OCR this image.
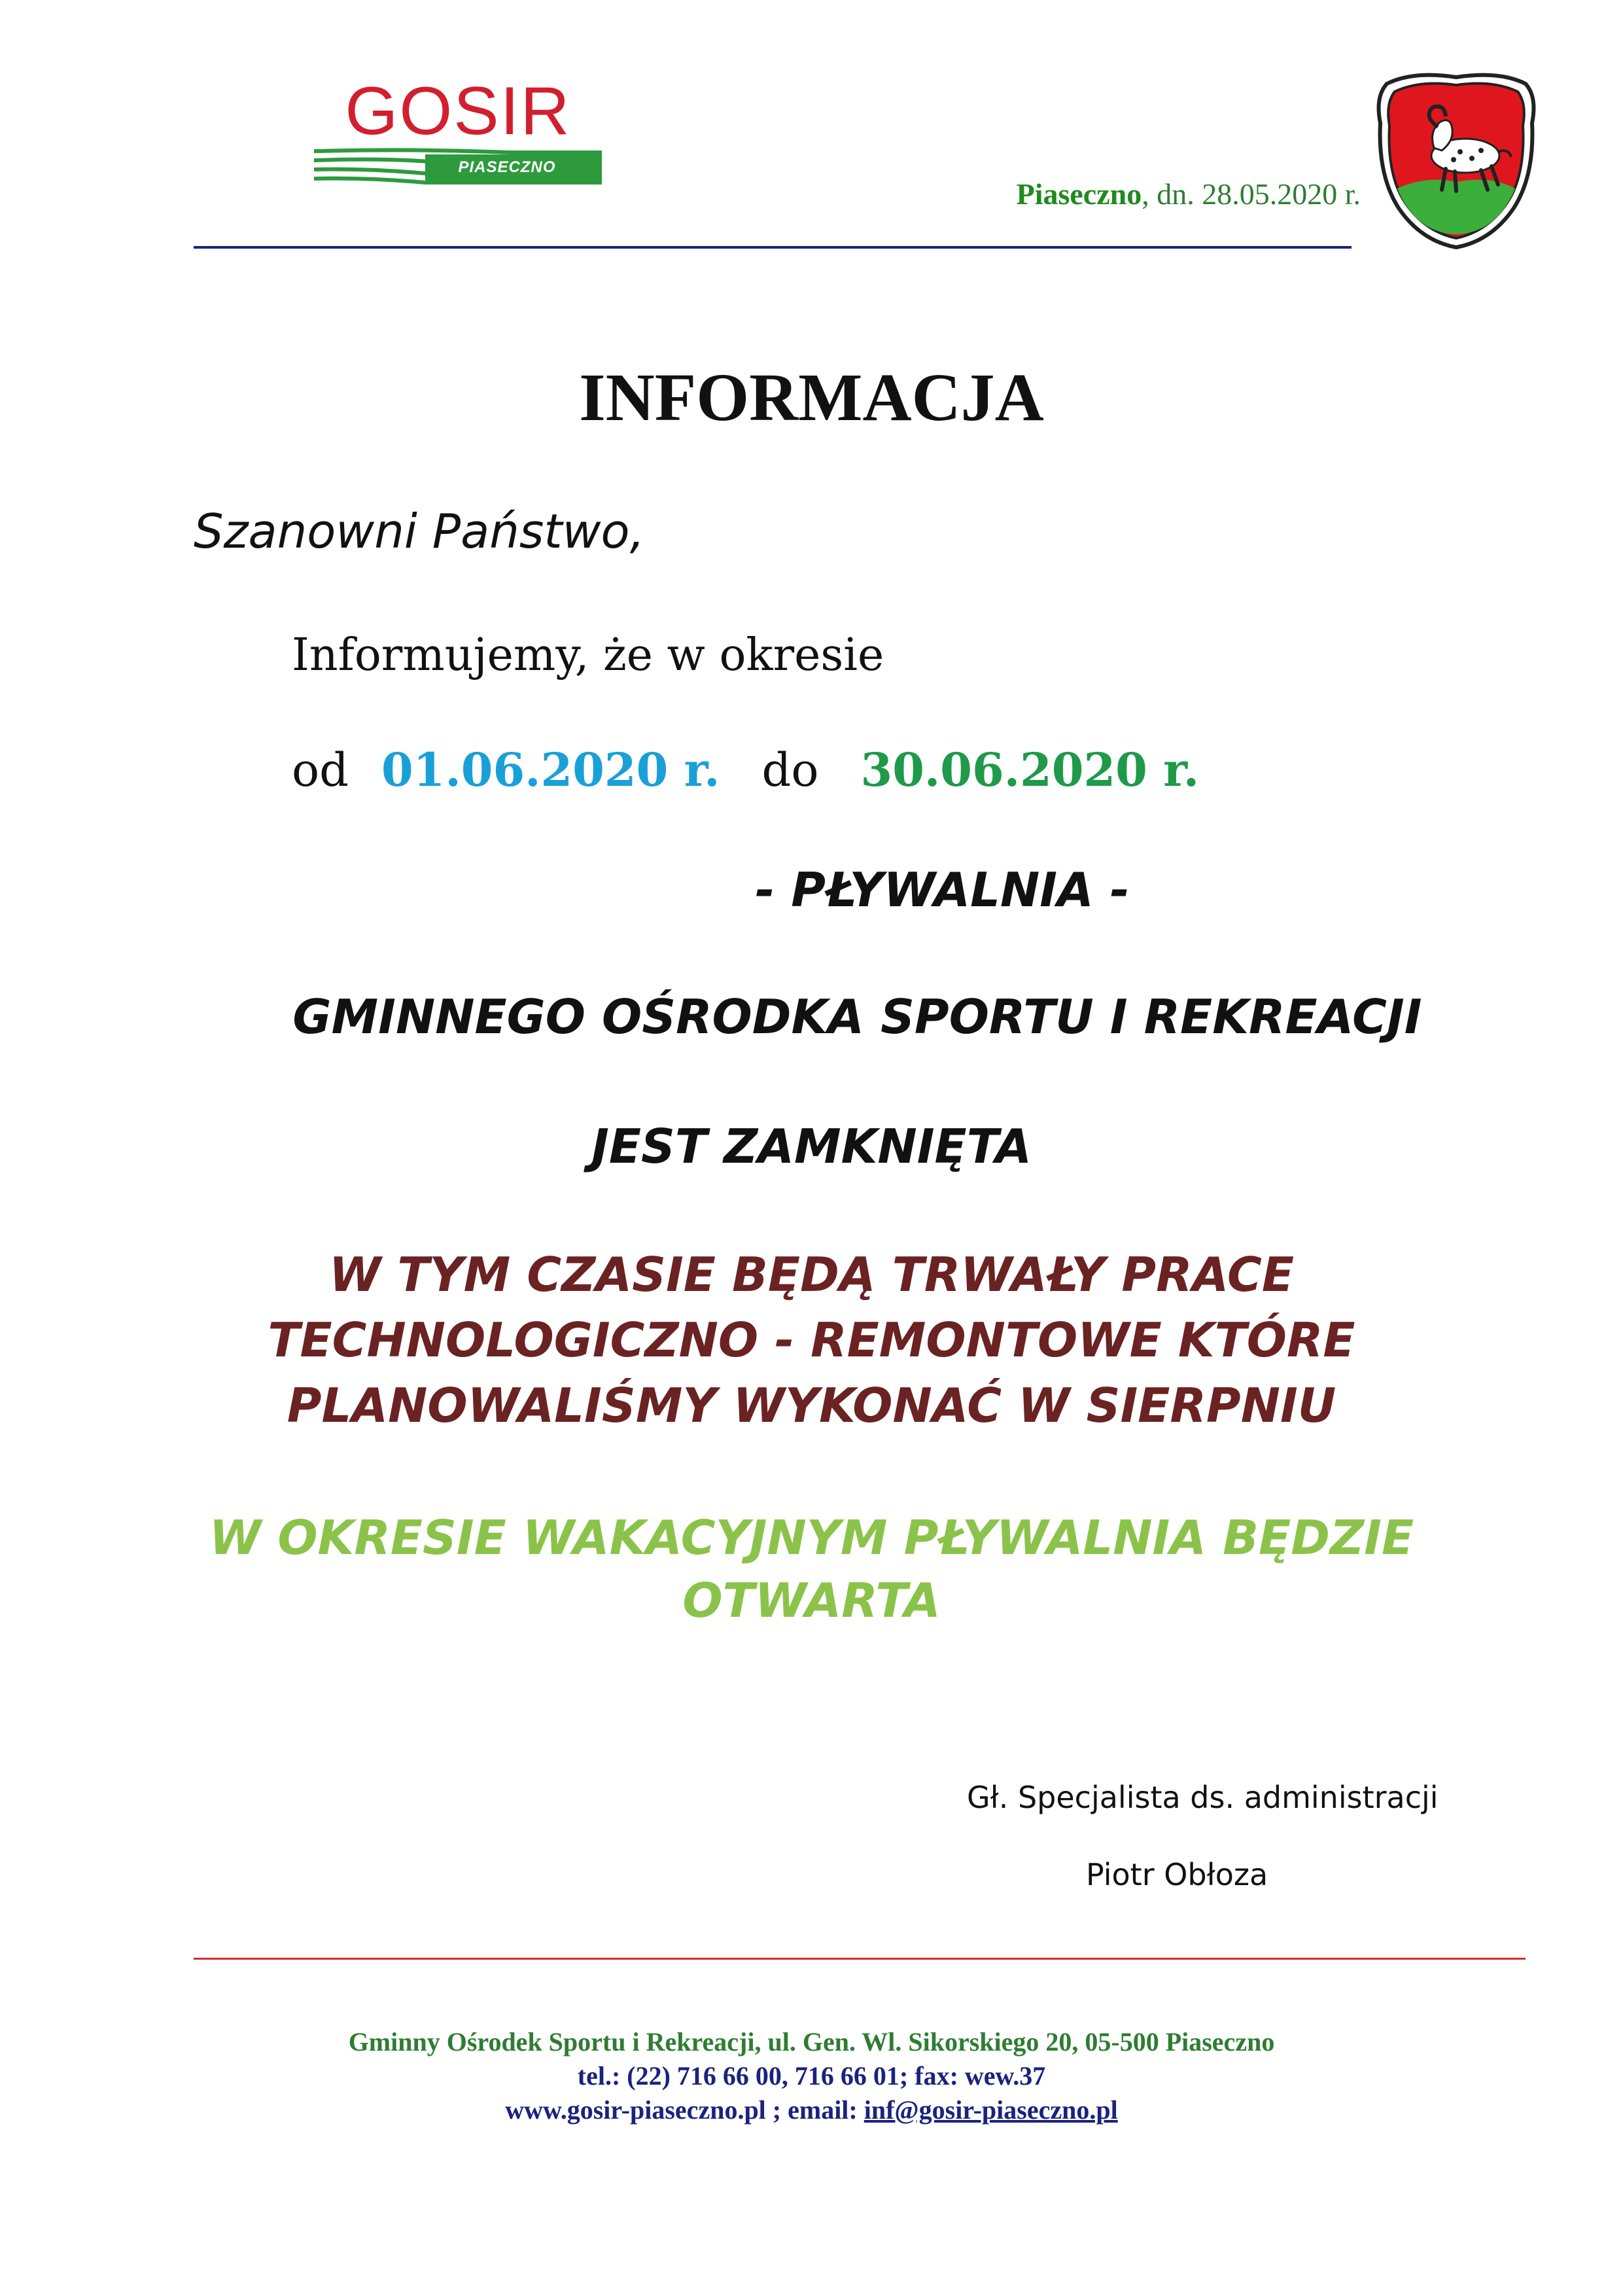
GOSIR
PIASECZNO
Piaseczno, dn. 28.05.2020 r.
INFORMACJA
Szanowni Państwo,
Informujemy, że w okresie
od 01.06.2020 r. do 30.06.2020 r.
- PŁYWALNIA -
GMINNEGO OŚRODKA SPORTU I REKREACJI
JEST ZAMKNIĘTA
W TYM CZASIE BĘDĄ TRWAŁY PRACE
TECHNOLOGICZNO - REMONTOWE KTÓRE
PLANOWALIŚMY WYKONAĆ W SIERPNIU
W OKRESIE WAKACYJNYM PŁYWALNIA BĘDZIE
OTWARTA
Gł. Specjalista ds. administracji
Piotr Obłoza
Gminny Ośrodek Sportu i Rekreacji, ul. Gen. Wl. Sikorskiego 20, 05-500 Piaseczno
tel.: (22) 716 66 00, 716 66 01; fax: wew.37
www.gosir-piaseczno.pl ; email: inf@gosir-piaseczno.pl
